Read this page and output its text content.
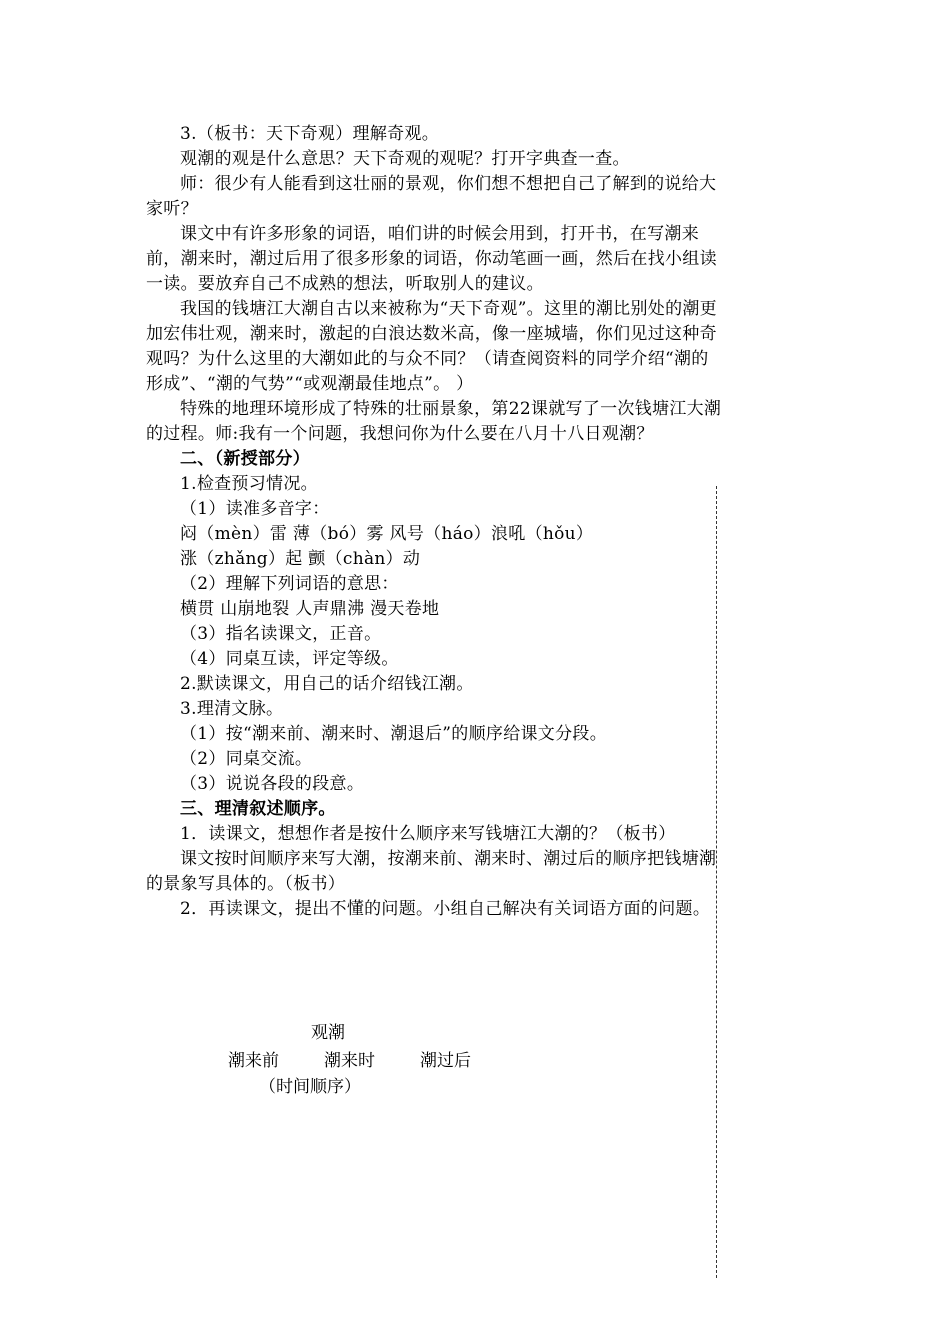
3.（板书：天下奇观）理解奇观。

观潮的观是什么意思？天下奇观的观呢？打开字典查一查。

师：很少有人能看到这壮丽的景观，你们想不想把自己了解到的说给大家听？

课文中有许多形象的词语，咱们讲的时候会用到，打开书，在写潮来前，潮来时，潮过后用了很多形象的词语，你动笔画一画，然后在找小组读一读。要放弃自己不成熟的想法，听取别人的建议。

我国的钱塘江大潮自古以来被称为“天下奇观”。这里的潮比别处的潮更加宏伟壮观，潮来时，激起的白浪达数米高，像一座城墙，你们见过这种奇观吗？为什么这里的大潮如此的与众不同？（请查阅资料的同学介绍“潮的形成”、“潮的气势”“或观潮最佳地点”。 ）

特殊的地理环境形成了特殊的壮丽景象，第22课就写了一次钱塘江大潮的过程。师:我有一个问题，我想问你为什么要在八月十八日观潮？

二、（新授部分）

1.检查预习情况。

（1）读准多音字：

闷（mèn）雷 薄（bó）雾 风号（háo）浪吼（hǒu）

涨（zhǎng）起 颤（chàn）动

（2）理解下列词语的意思：

横贯 山崩地裂 人声鼎沸 漫天卷地

（3）指名读课文，正音。

（4）同桌互读，评定等级。

2.默读课文，用自己的话介绍钱江潮。

3.理清文脉。

（1）按“潮来前、潮来时、潮退后”的顺序给课文分段。

（2）同桌交流。

（3）说说各段的段意。

三、理清叙述顺序。

1．读课文，想想作者是按什么顺序来写钱塘江大潮的？（板书）

课文按时间顺序来写大潮，按潮来前、潮来时、潮过后的顺序把钱塘潮的景象写具体的。（板书）

2．再读课文，提出不懂的问题。小组自己解决有关词语方面的问题。

观潮
潮来前	潮来时	潮过后
（时间顺序）
